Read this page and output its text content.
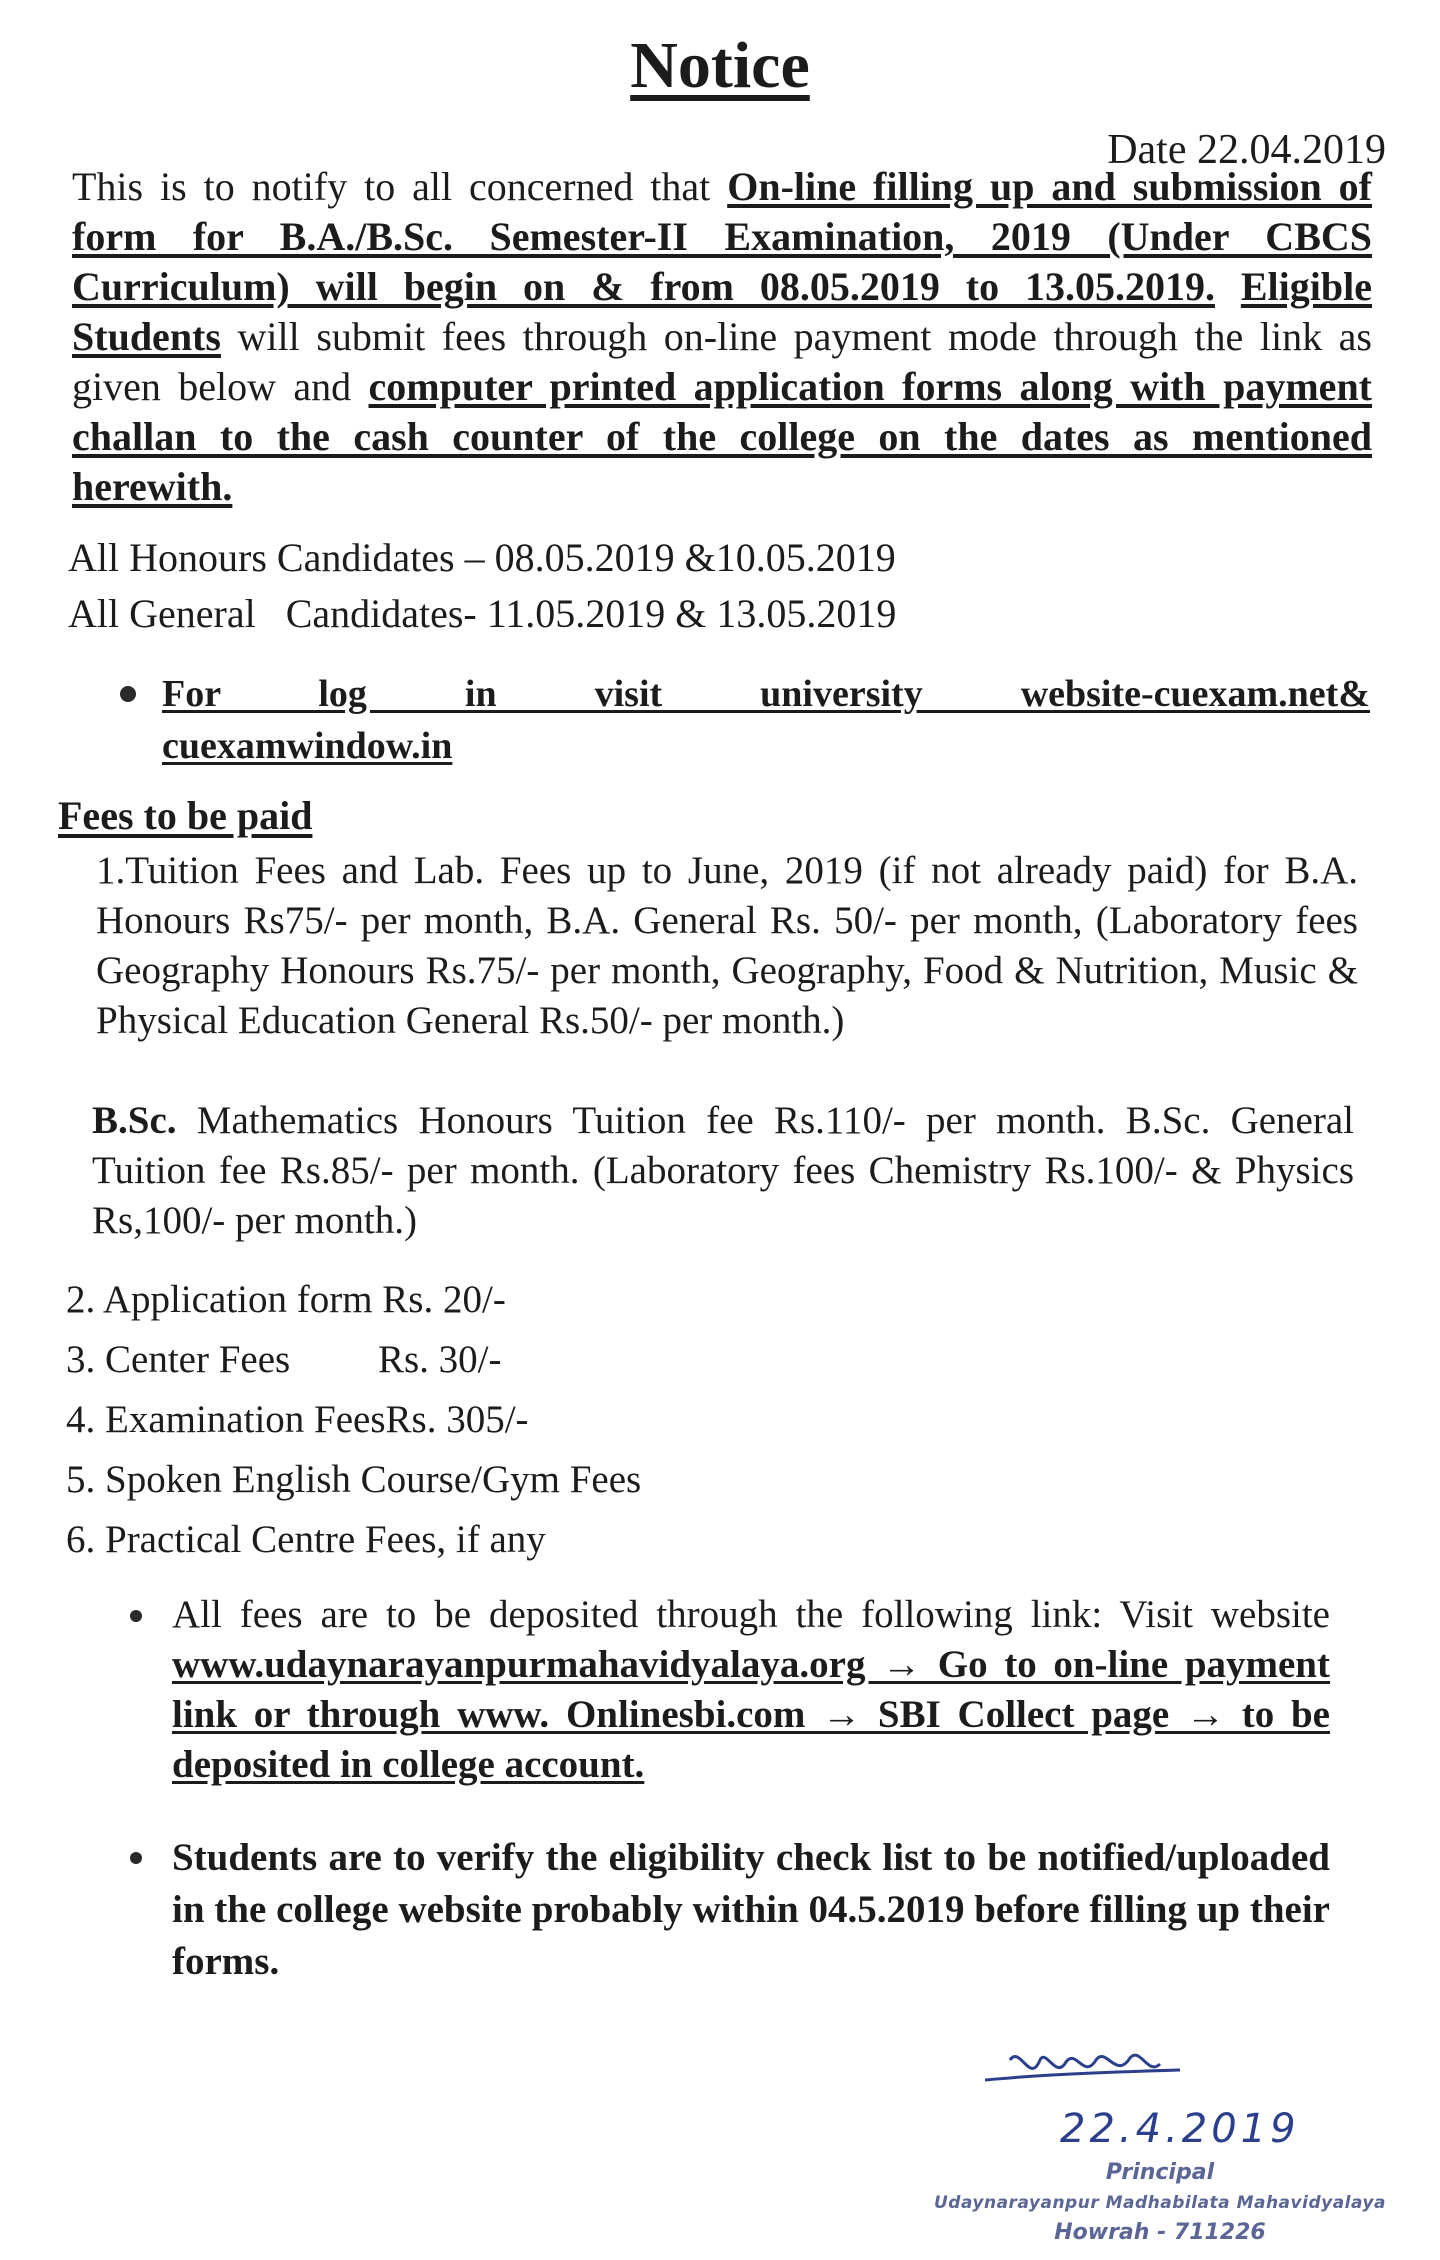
Notice
Date 22.04.2019
This is to notify to all concerned that On-line filling up and submission of form for B.A./B.Sc. Semester-II Examination, 2019 (Under CBCS Curriculum) will begin on & from 08.05.2019 to 13.05.2019. Eligible Students will submit fees through on-line payment mode through the link as given below and computer printed application forms along with payment challan to the cash counter of the college on the dates as mentioned herewith.
All Honours Candidates – 08.05.2019 &10.05.2019
All General   Candidates- 11.05.2019 & 13.05.2019
For log in visit university website-cuexam.net& cuexamwindow.in
Fees to be paid
1.Tuition Fees and Lab. Fees up to June, 2019 (if not already paid) for B.A. Honours Rs75/- per month, B.A. General Rs. 50/- per month, (Laboratory fees Geography Honours Rs.75/- per month, Geography, Food & Nutrition, Music & Physical Education General Rs.50/- per month.)
B.Sc. Mathematics Honours Tuition fee Rs.110/- per month. B.Sc. General Tuition fee Rs.85/- per month. (Laboratory fees Chemistry Rs.100/- & Physics Rs,100/- per month.)
2. Application form Rs. 20/-
3. Center Fees Rs. 30/-
4. Examination Fees Rs. 305/-
5. Spoken English Course/Gym Fees
6. Practical Centre Fees, if any
All fees are to be deposited through the following link: Visit website www.udaynarayanpurmahavidyalaya.org → Go to on-line payment link or through www. Onlinesbi.com → SBI Collect page → to be deposited in college account.
Students are to verify the eligibility check list to be notified/uploaded in the college website probably within 04.5.2019 before filling up their forms.
22.4.2019
Principal
Udaynarayanpur Madhabilata Mahavidyalaya
Howrah - 711226
